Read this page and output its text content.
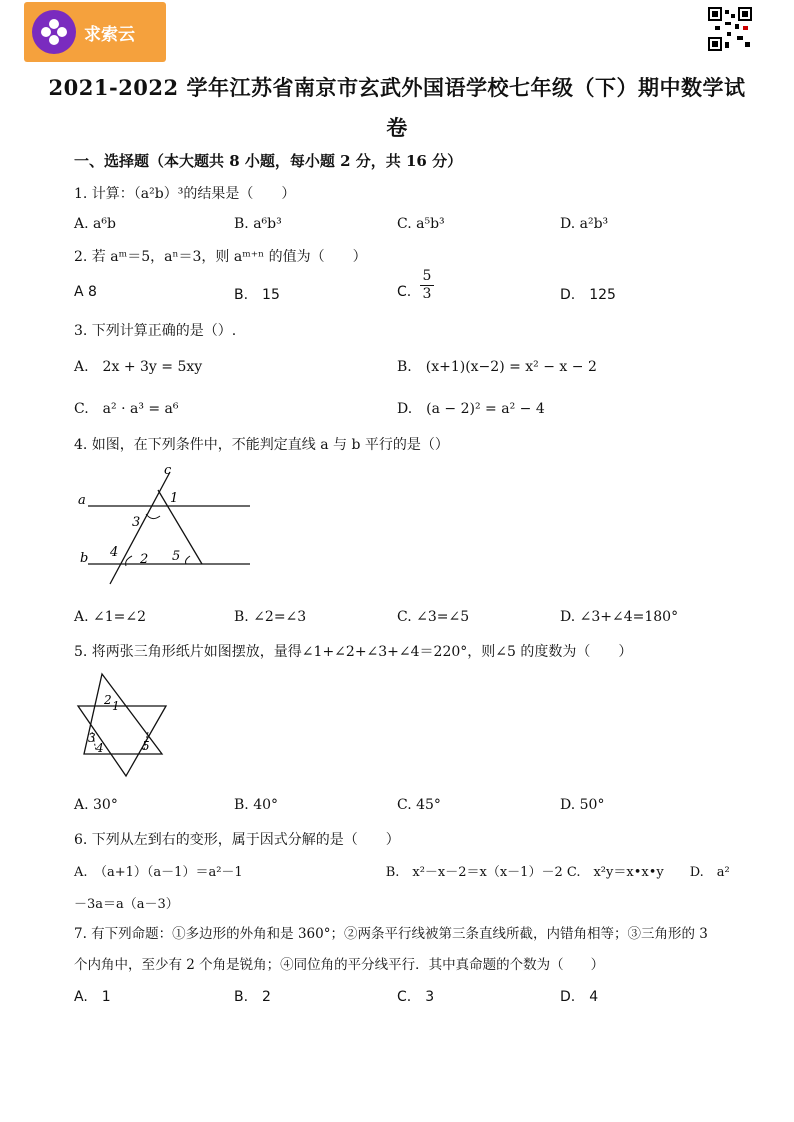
求索云
2021-2022 学年江苏省南京市玄武外国语学校七年级（下）期中数学试
卷
一、选择题（本大题共 8 小题，每小题 2 分，共 16 分）
1. 计算：（a²b）³的结果是（　　）
A. a⁶b	B. a⁶b³	C. a⁵b³	D. a²b³
2. 若 aᵐ＝5，aⁿ＝3，则 aᵐ⁺ⁿ 的值为（　　）
A 8	B.　15	C. $\frac{5}{3}$	D.　125
3. 下列计算正确的是（）.
A.　2x + 3y = 5xy	B.　(x+1)(x−2) = x² − x − 2
C.　a² · a³ = a⁶	D.　(a − 2)² = a² − 4
4. 如图，在下列条件中，不能判定直线 a 与 b 平行的是（）
c
a
b
1
2
3
4	5
A. ∠1=∠2	B. ∠2=∠3	C. ∠3=∠5	D. ∠3+∠4=180°
5. 将两张三角形纸片如图摆放，量得∠1+∠2+∠3+∠4＝220°，则∠5 的度数为（　　）
2 1
3
4	5
A. 30°	B. 40°	C. 45°	D. 50°
6. 下列从左到右的变形，属于因式分解的是（　　）
A.　（a+1）（a－1）＝a²－1　　　　　　　　　　　B.　x²－x－2＝x（x－1）－2 C.　x²y＝x•x•y　　D.　a²
－3a＝a（a－3）
7. 有下列命题：①多边形的外角和是 360°；②两条平行线被第三条直线所截，内错角相等；③三角形的 3
个内角中，至少有 2 个角是锐角；④同位角的平分线平行．其中真命题的个数为（　　）
A.　1	B.　2	C.　3	D.　4
